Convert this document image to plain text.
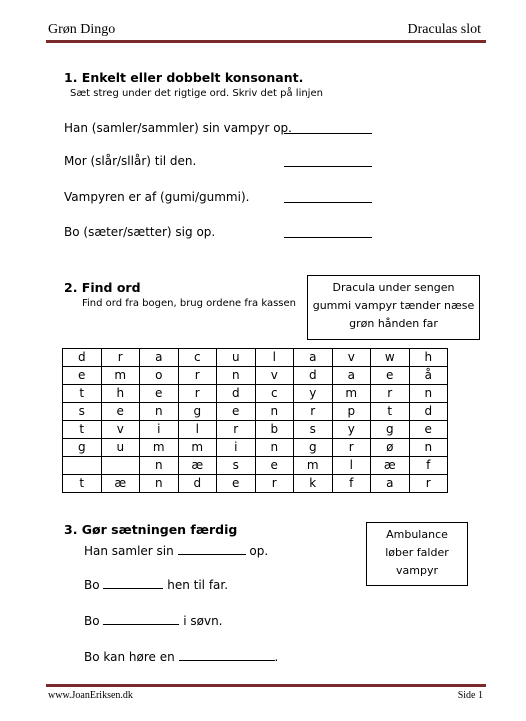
Grøn Dingo	Draculas slot
1. Enkelt eller dobbelt konsonant.
Sæt streg under det rigtige ord. Skriv det på linjen
Han (samler/sammler) sin vampyr op.
Mor (slår/sllår) til den.
Vampyren er af (gumi/gummi).
Bo (sæter/sætter) sig op.
2. Find ord
Find ord fra bogen, brug ordene fra kassen
Dracula under sengen
gummi vampyr tænder næse
grøn hånden far
d	r	a	c	u	l	a	v	w	h
e	m	o	r	n	v	d	a	e	å
t	h	e	r	d	c	y	m	r	n
s	e	n	g	e	n	r	p	t	d
t	v	i	l	r	b	s	y	g	e
g	u	m	m	i	n	g	r	ø	n
		n	æ	s	e	m	l	æ	f
t	æ	n	d	e	r	k	f	a	r
3. Gør sætningen færdig
Han samler sin	op.
Bo	hen til far.
Bo	i søvn.
Bo kan høre en	.
Ambulance
løber falder
vampyr
www.JoanEriksen.dk	Side 1
